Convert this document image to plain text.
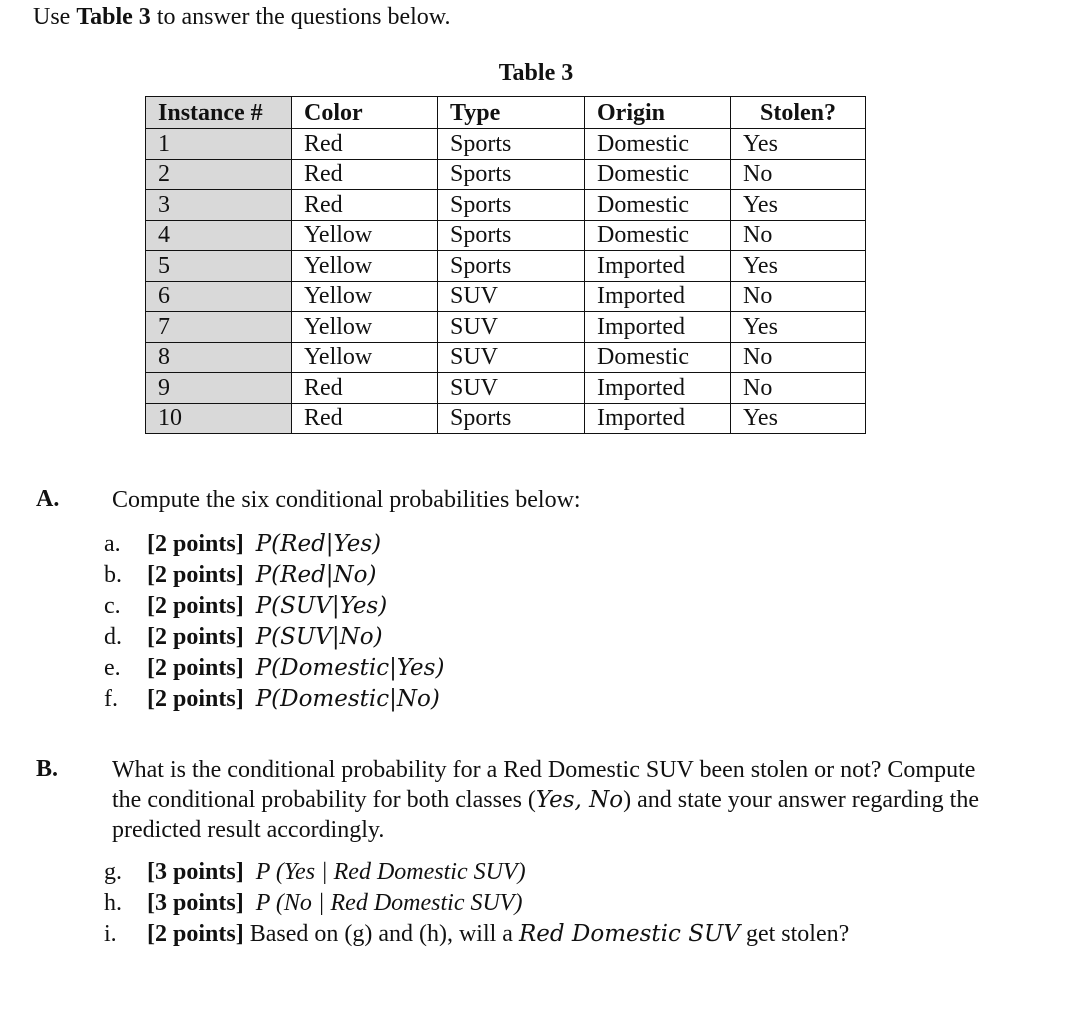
Use Table 3 to answer the questions below.
Table 3
Instance #	Color	Type	Origin	Stolen?
1	Red	Sports	Domestic	Yes
2	Red	Sports	Domestic	No
3	Red	Sports	Domestic	Yes
4	Yellow	Sports	Domestic	No
5	Yellow	Sports	Imported	Yes
6	Yellow	SUV	Imported	No
7	Yellow	SUV	Imported	Yes
8	Yellow	SUV	Domestic	No
9	Red	SUV	Imported	No
10	Red	Sports	Imported	Yes
A. Compute the six conditional probabilities below:
a. [2 points] P(Red|Yes)
b. [2 points] P(Red|No)
c. [2 points] P(SUV|Yes)
d. [2 points] P(SUV|No)
e. [2 points] P(Domestic|Yes)
f. [2 points] P(Domestic|No)
B. What is the conditional probability for a Red Domestic SUV been stolen or not? Compute
the conditional probability for both classes (Yes, No) and state your answer regarding the
predicted result accordingly.
g. [3 points] P (Yes | Red Domestic SUV)
h. [3 points] P (No | Red Domestic SUV)
i. [2 points] Based on (g) and (h), will a Red Domestic SUV get stolen?
